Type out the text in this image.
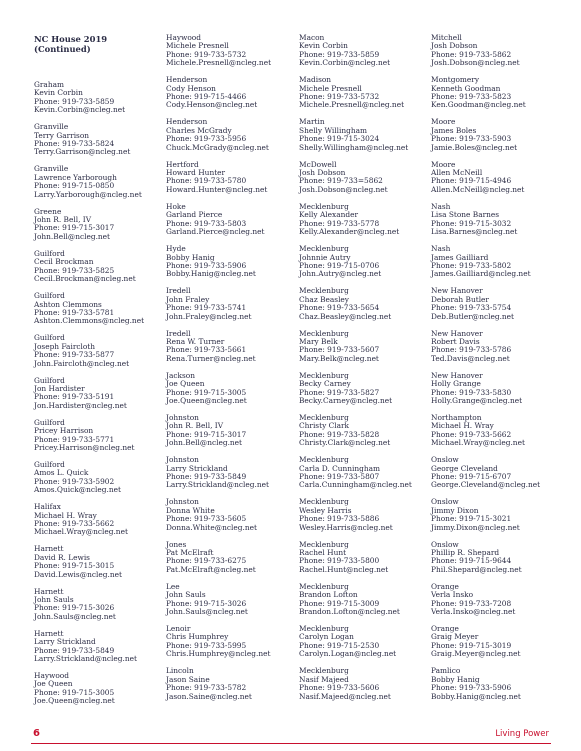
NC House 2019
(Continued)
Graham
Kevin Corbin
Phone: 919-733-5859
Kevin.Corbin@ncleg.net
Granville
Terry Garrison
Phone: 919-733-5824
Terry.Garrison@ncleg.net
Granville
Lawrence Yarborough
Phone: 919-715-0850
Larry.Yarborough@ncleg.net
Greene
John R. Bell, IV
Phone: 919-715-3017
John.Bell@ncleg.net
Guilford
Cecil Brockman
Phone: 919-733-5825
Cecil.Brockman@ncleg.net
Guilford
Ashton Clemmons
Phone: 919-733-5781
Ashton.Clemmons@ncleg.net
Guilford
Joseph Faircloth
Phone: 919-733-5877
John.Faircloth@ncleg.net
Guilford
Jon Hardister
Phone: 919-733-5191
Jon.Hardister@ncleg.net
Guilford
Pricey Harrison
Phone: 919-733-5771
Pricey.Harrison@ncleg.net
Guilford
Amos L. Quick
Phone: 919-733-5902
Amos.Quick@ncleg.net
Halifax
Michael H. Wray
Phone: 919-733-5662
Michael.Wray@ncleg.net
Harnett
David R. Lewis
Phone: 919-715-3015
David.Lewis@ncleg.net
Harnett
John Sauls
Phone: 919-715-3026
John.Sauls@ncleg.net
Harnett
Larry Strickland
Phone: 919-733-5849
Larry.Strickland@ncleg.net
Haywood
Joe Queen
Phone: 919-715-3005
Joe.Queen@ncleg.net
Haywood
Michele Presnell
Phone: 919-733-5732
Michele.Presnell@ncleg.net
Henderson
Cody Henson
Phone: 919-715-4466
Cody.Henson@ncleg.net
Henderson
Charles McGrady
Phone: 919-733-5956
Chuck.McGrady@ncleg.net
Hertford
Howard Hunter
Phone: 919-733-5780
Howard.Hunter@ncleg.net
Hoke
Garland Pierce
Phone: 919-733-5803
Garland.Pierce@ncleg.net
Hyde
Bobby Hanig
Phone: 919-733-5906
Bobby.Hanig@ncleg.net
Iredell
John Fraley
Phone: 919-733-5741
John.Fraley@ncleg.net
Iredell
Rena W. Turner
Phone: 919-733-5661
Rena.Turner@ncleg.net
Jackson
Joe Queen
Phone: 919-715-3005
Joe.Queen@ncleg.net
Johnston
John R. Bell, IV
Phone: 919-715-3017
John.Bell@ncleg.net
Johnston
Larry Strickland
Phone: 919-733-5849
Larry.Strickland@ncleg.net
Johnston
Donna White
Phone: 919-733-5605
Donna.White@ncleg.net
Jones
Pat McElraft
Phone: 919-733-6275
Pat.McElraft@ncleg.net
Lee
John Sauls
Phone: 919-715-3026
John.Sauls@ncleg.net
Lenoir
Chris Humphrey
Phone: 919-733-5995
Chris.Humphrey@ncleg.net
Lincoln
Jason Saine
Phone: 919-733-5782
Jason.Saine@ncleg.net
Macon
Kevin Corbin
Phone: 919-733-5859
Kevin.Corbin@ncleg.net
Madison
Michele Presnell
Phone: 919-733-5732
Michele.Presnell@ncleg.net
Martin
Shelly Willingham
Phone: 919-715-3024
Shelly.Willingham@ncleg.net
McDowell
Josh Dobson
Phone: 919-733=5862
Josh.Dobson@ncleg.net
Mecklenburg
Kelly Alexander
Phone: 919-733-5778
Kelly.Alexander@ncleg.net
Mecklenburg
Johnnie Autry
Phone: 919-715-0706
John.Autry@ncleg.net
Mecklenburg
Chaz Beasley
Phone: 919-733-5654
Chaz.Beasley@ncleg.net
Mecklenburg
Mary Belk
Phone: 919-733-5607
Mary.Belk@ncleg.net
Mecklenburg
Becky Carney
Phone: 919-733-5827
Becky.Carney@ncleg.net
Mecklenburg
Christy Clark
Phone: 919-733-5828
Christy.Clark@ncleg.net
Mecklenburg
Carla D. Cunningham
Phone: 919-733-5807
Carla.Cunningham@ncleg.net
Mecklenburg
Wesley Harris
Phone: 919-733-5886
Wesley.Harris@ncleg.net
Mecklenburg
Rachel Hunt
Phone: 919-733-5800
Rachel.Hunt@ncleg.net
Mecklenburg
Brandon Lofton
Phone: 919-715-3009
Brandon.Lofton@ncleg.net
Mecklenburg
Carolyn Logan
Phone: 919-715-2530
Carolyn.Logan@ncleg.net
Mecklenburg
Nasif Majeed
Phone: 919-733-5606
Nasif.Majeed@ncleg.net
Mitchell
Josh Dobson
Phone: 919-733-5862
Josh.Dobson@ncleg.net
Montgomery
Kenneth Goodman
Phone: 919-733-5823
Ken.Goodman@ncleg.net
Moore
James Boles
Phone: 919-733-5903
Jamie.Boles@ncleg.net
Moore
Allen McNeill
Phone: 919-715-4946
Allen.McNeill@ncleg.net
Nash
Lisa Stone Barnes
Phone: 919-715-3032
Lisa.Barnes@ncleg.net
Nash
James Gailliard
Phone: 919-733-5802
James.Gailliard@ncleg.net
New Hanover
Deborah Butler
Phone: 919-733-5754
Deb.Butler@ncleg.net
New Hanover
Robert Davis
Phone: 919-733-5786
Ted.Davis@ncleg.net
New Hanover
Holly Grange
Phone: 919-733-5830
Holly.Grange@ncleg.net
Northampton
Michael H. Wray
Phone: 919-733-5662
Michael.Wray@ncleg.net
Onslow
George Cleveland
Phone: 919-715-6707
George.Cleveland@ncleg.net
Onslow
Jimmy Dixon
Phone: 919-715-3021
Jimmy.Dixon@ncleg.net
Onslow
Phillip R. Shepard
Phone: 919-715-9644
Phil.Shepard@ncleg.net
Orange
Verla Insko
Phone: 919-733-7208
Verla.Insko@ncleg.net
Orange
Graig Meyer
Phone: 919-715-3019
Graig.Meyer@ncleg.net
Pamlico
Bobby Hanig
Phone: 919-733-5906
Bobby.Hanig@ncleg.net
6	Living Power
